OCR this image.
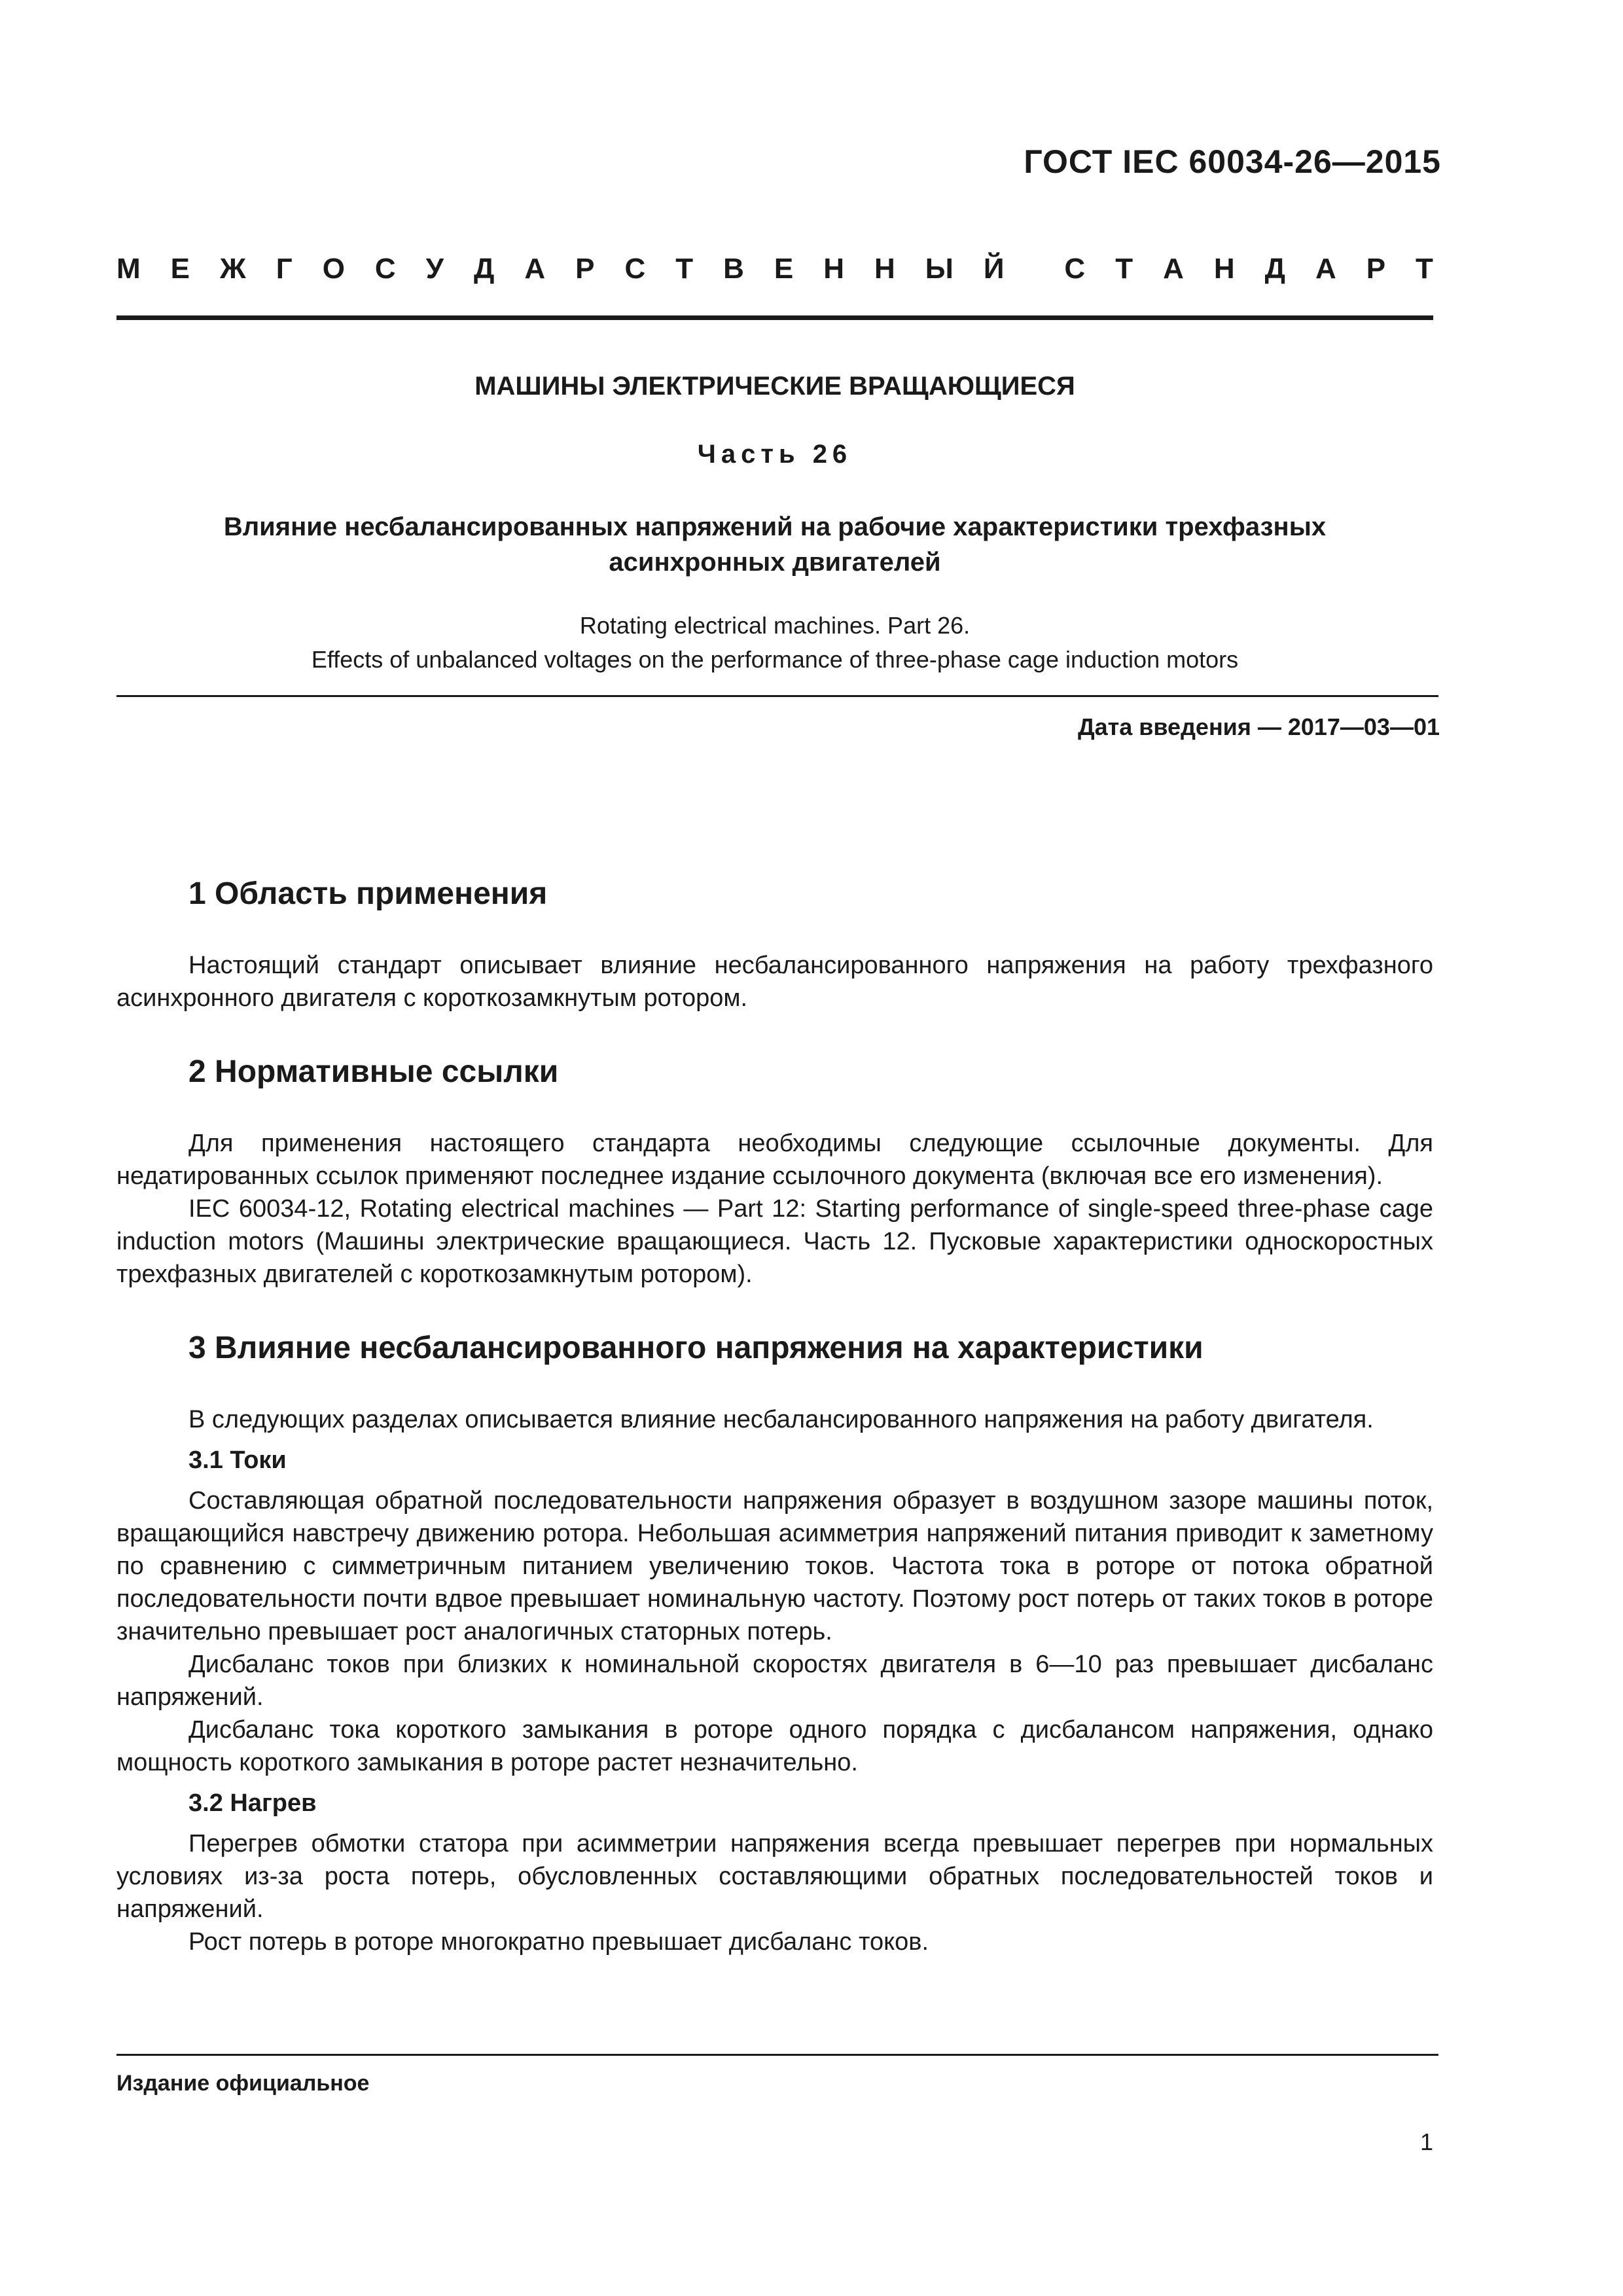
ГОСТ IEC 60034-26—2015
М Е Ж Г О С У Д А Р С Т В Е Н Н Ы Й С Т А Н Д А Р Т
МАШИНЫ ЭЛЕКТРИЧЕСКИЕ ВРАЩАЮЩИЕСЯ
Часть 26
Влияние несбалансированных напряжений на рабочие характеристики трехфазных
асинхронных двигателей
Rotating electrical machines. Part 26.
Effects of unbalanced voltages on the performance of three-phase cage induction motors
Дата введения — 2017—03—01
1 Область применения

Настоящий стандарт описывает влияние несбалансированного напряжения на работу трехфазного асинхронного двигателя с короткозамкнутым ротором.

2 Нормативные ссылки

Для применения настоящего стандарта необходимы следующие ссылочные документы. Для недатированных ссылок применяют последнее издание ссылочного документа (включая все его изменения).

IEC 60034-12, Rotating electrical machines — Part 12: Starting performance of single-speed three-phase cage induction motors (Машины электрические вращающиеся. Часть 12. Пусковые характеристики односкоростных трехфазных двигателей с короткозамкнутым ротором).

3 Влияние несбалансированного напряжения на характеристики

В следующих разделах описывается влияние несбалансированного напряжения на работу двигателя.

3.1 Токи

Составляющая обратной последовательности напряжения образует в воздушном зазоре машины поток, вращающийся навстречу движению ротора. Небольшая асимметрия напряжений питания приводит к заметному по сравнению с симметричным питанием увеличению токов. Частота тока в роторе от потока обратной последовательности почти вдвое превышает номинальную частоту. Поэтому рост потерь от таких токов в роторе значительно превышает рост аналогичных статорных потерь.

Дисбаланс токов при близких к номинальной скоростях двигателя в 6—10 раз превышает дисбаланс напряжений.

Дисбаланс тока короткого замыкания в роторе одного порядка с дисбалансом напряжения, однако мощность короткого замыкания в роторе растет незначительно.

3.2 Нагрев

Перегрев обмотки статора при асимметрии напряжения всегда превышает перегрев при нормальных условиях из-за роста потерь, обусловленных составляющими обратных последовательностей токов и напряжений.

Рост потерь в роторе многократно превышает дисбаланс токов.

Издание официальное
1
